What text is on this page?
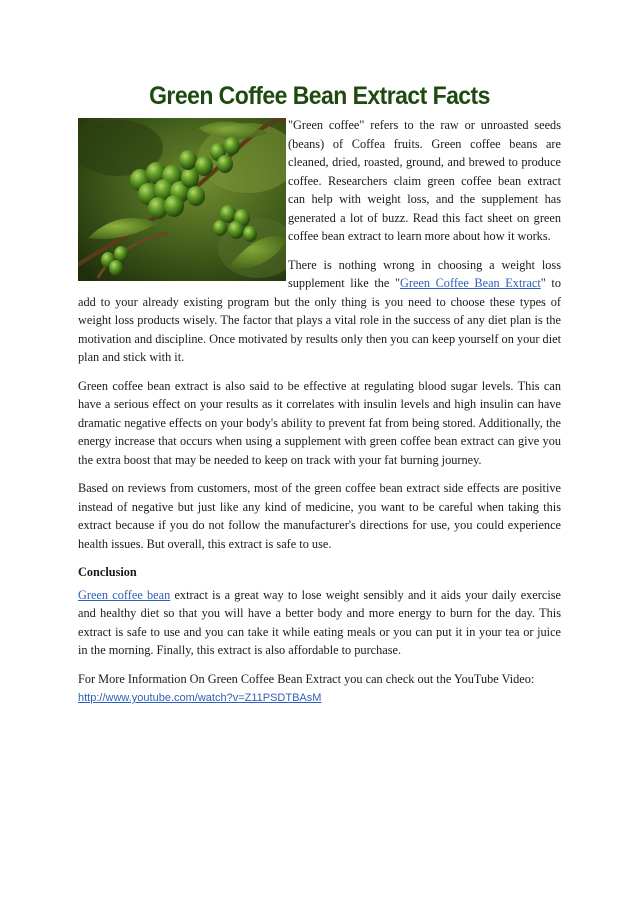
Green Coffee Bean Extract Facts

"Green coffee" refers to the raw or unroasted seeds (beans) of Coffea fruits. Green coffee beans are cleaned, dried, roasted, ground, and brewed to produce coffee. Researchers claim green coffee bean extract can help with weight loss, and the supplement has generated a lot of buzz. Read this fact sheet on green coffee bean extract to learn more about how it works.

There is nothing wrong in choosing a weight loss supplement like the "Green Coffee Bean Extract" to add to your already existing program but the only thing is you need to choose these types of weight loss products wisely. The factor that plays a vital role in the success of any diet plan is the motivation and discipline. Once motivated by results only then you can keep yourself on your diet plan and stick with it.

Green coffee bean extract is also said to be effective at regulating blood sugar levels. This can have a serious effect on your results as it correlates with insulin levels and high insulin can have dramatic negative effects on your body's ability to prevent fat from being stored. Additionally, the energy increase that occurs when using a supplement with green coffee bean extract can give you the extra boost that may be needed to keep on track with your fat burning journey.

Based on reviews from customers, most of the green coffee bean extract side effects are positive instead of negative but just like any kind of medicine, you want to be careful when taking this extract because if you do not follow the manufacturer's directions for use, you could experience health issues. But overall, this extract is safe to use.

Conclusion

Green coffee bean extract is a great way to lose weight sensibly and it aids your daily exercise and healthy diet so that you will have a better body and more energy to burn for the day. This extract is safe to use and you can take it while eating meals or you can put it in your tea or juice in the morning. Finally, this extract is also affordable to purchase.

For More Information On Green Coffee Bean Extract you can check out the YouTube Video:
http://www.youtube.com/watch?v=Z11PSDTBAsM
